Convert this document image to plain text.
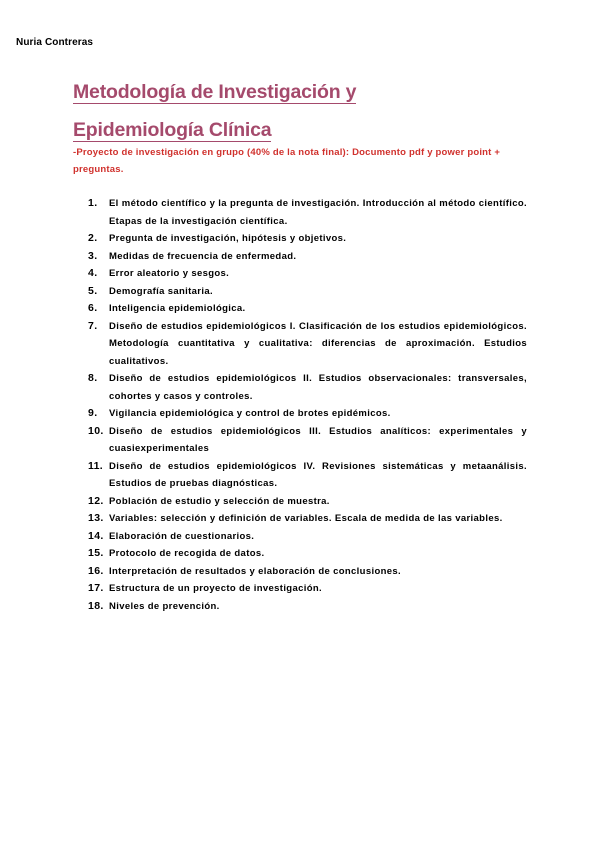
Nuria Contreras
Metodología de Investigación y
Epidemiología Clínica
-Proyecto de investigación en grupo (40% de la nota final): Documento pdf y power point + preguntas.
1.	El método científico y la pregunta de investigación. Introducción al método científico. Etapas de la investigación científica.
2.	Pregunta de investigación, hipótesis y objetivos.
3.	Medidas de frecuencia de enfermedad.
4.	Error aleatorio y sesgos.
5.	Demografía sanitaria.
6.	Inteligencia epidemiológica.
7.	Diseño de estudios epidemiológicos I. Clasificación de los estudios epidemiológicos. Metodología cuantitativa y cualitativa: diferencias de aproximación. Estudios cualitativos.
8.	Diseño de estudios epidemiológicos II. Estudios observacionales: transversales, cohortes y casos y controles.
9.	Vigilancia epidemiológica y control de brotes epidémicos.
10. Diseño de estudios epidemiológicos III. Estudios analíticos: experimentales y cuasiexperimentales
11. Diseño de estudios epidemiológicos IV. Revisiones sistemáticas y metaanálisis. Estudios de pruebas diagnósticas.
12. Población de estudio y selección de muestra.
13. Variables: selección y definición de variables. Escala de medida de las variables.
14. Elaboración de cuestionarios.
15. Protocolo de recogida de datos.
16. Interpretación de resultados y elaboración de conclusiones.
17. Estructura de un proyecto de investigación.
18. Niveles de prevención.
